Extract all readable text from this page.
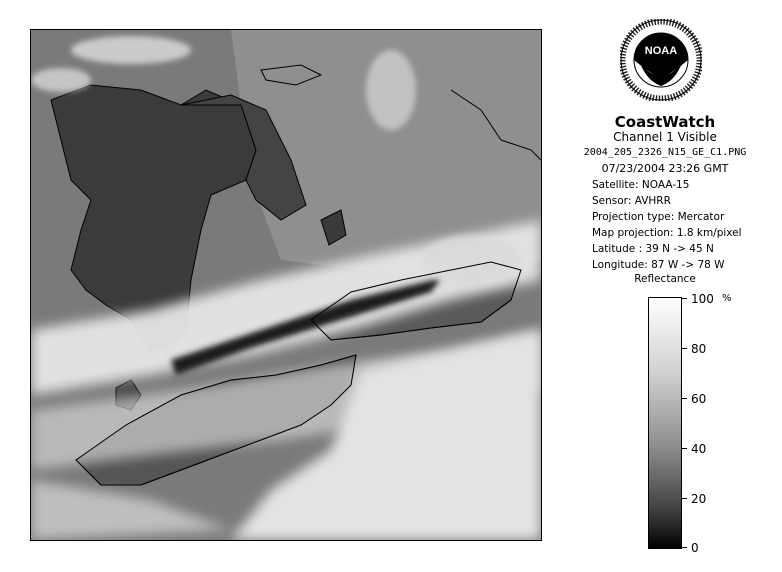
NOAA
CoastWatch
Channel 1 Visible
2004_205_2326_N15_GE_C1.PNG
07/23/2004 23:26 GMT
Satellite : NOAA-15
Sensor : AVHRR
Projection type : Mercator
Map projection : 1.8 km/pixel
Latitude : 39 N -> 45 N
Longitude : 87 W -> 78 W
Reflectance
%
100
80
60
40
20
0
